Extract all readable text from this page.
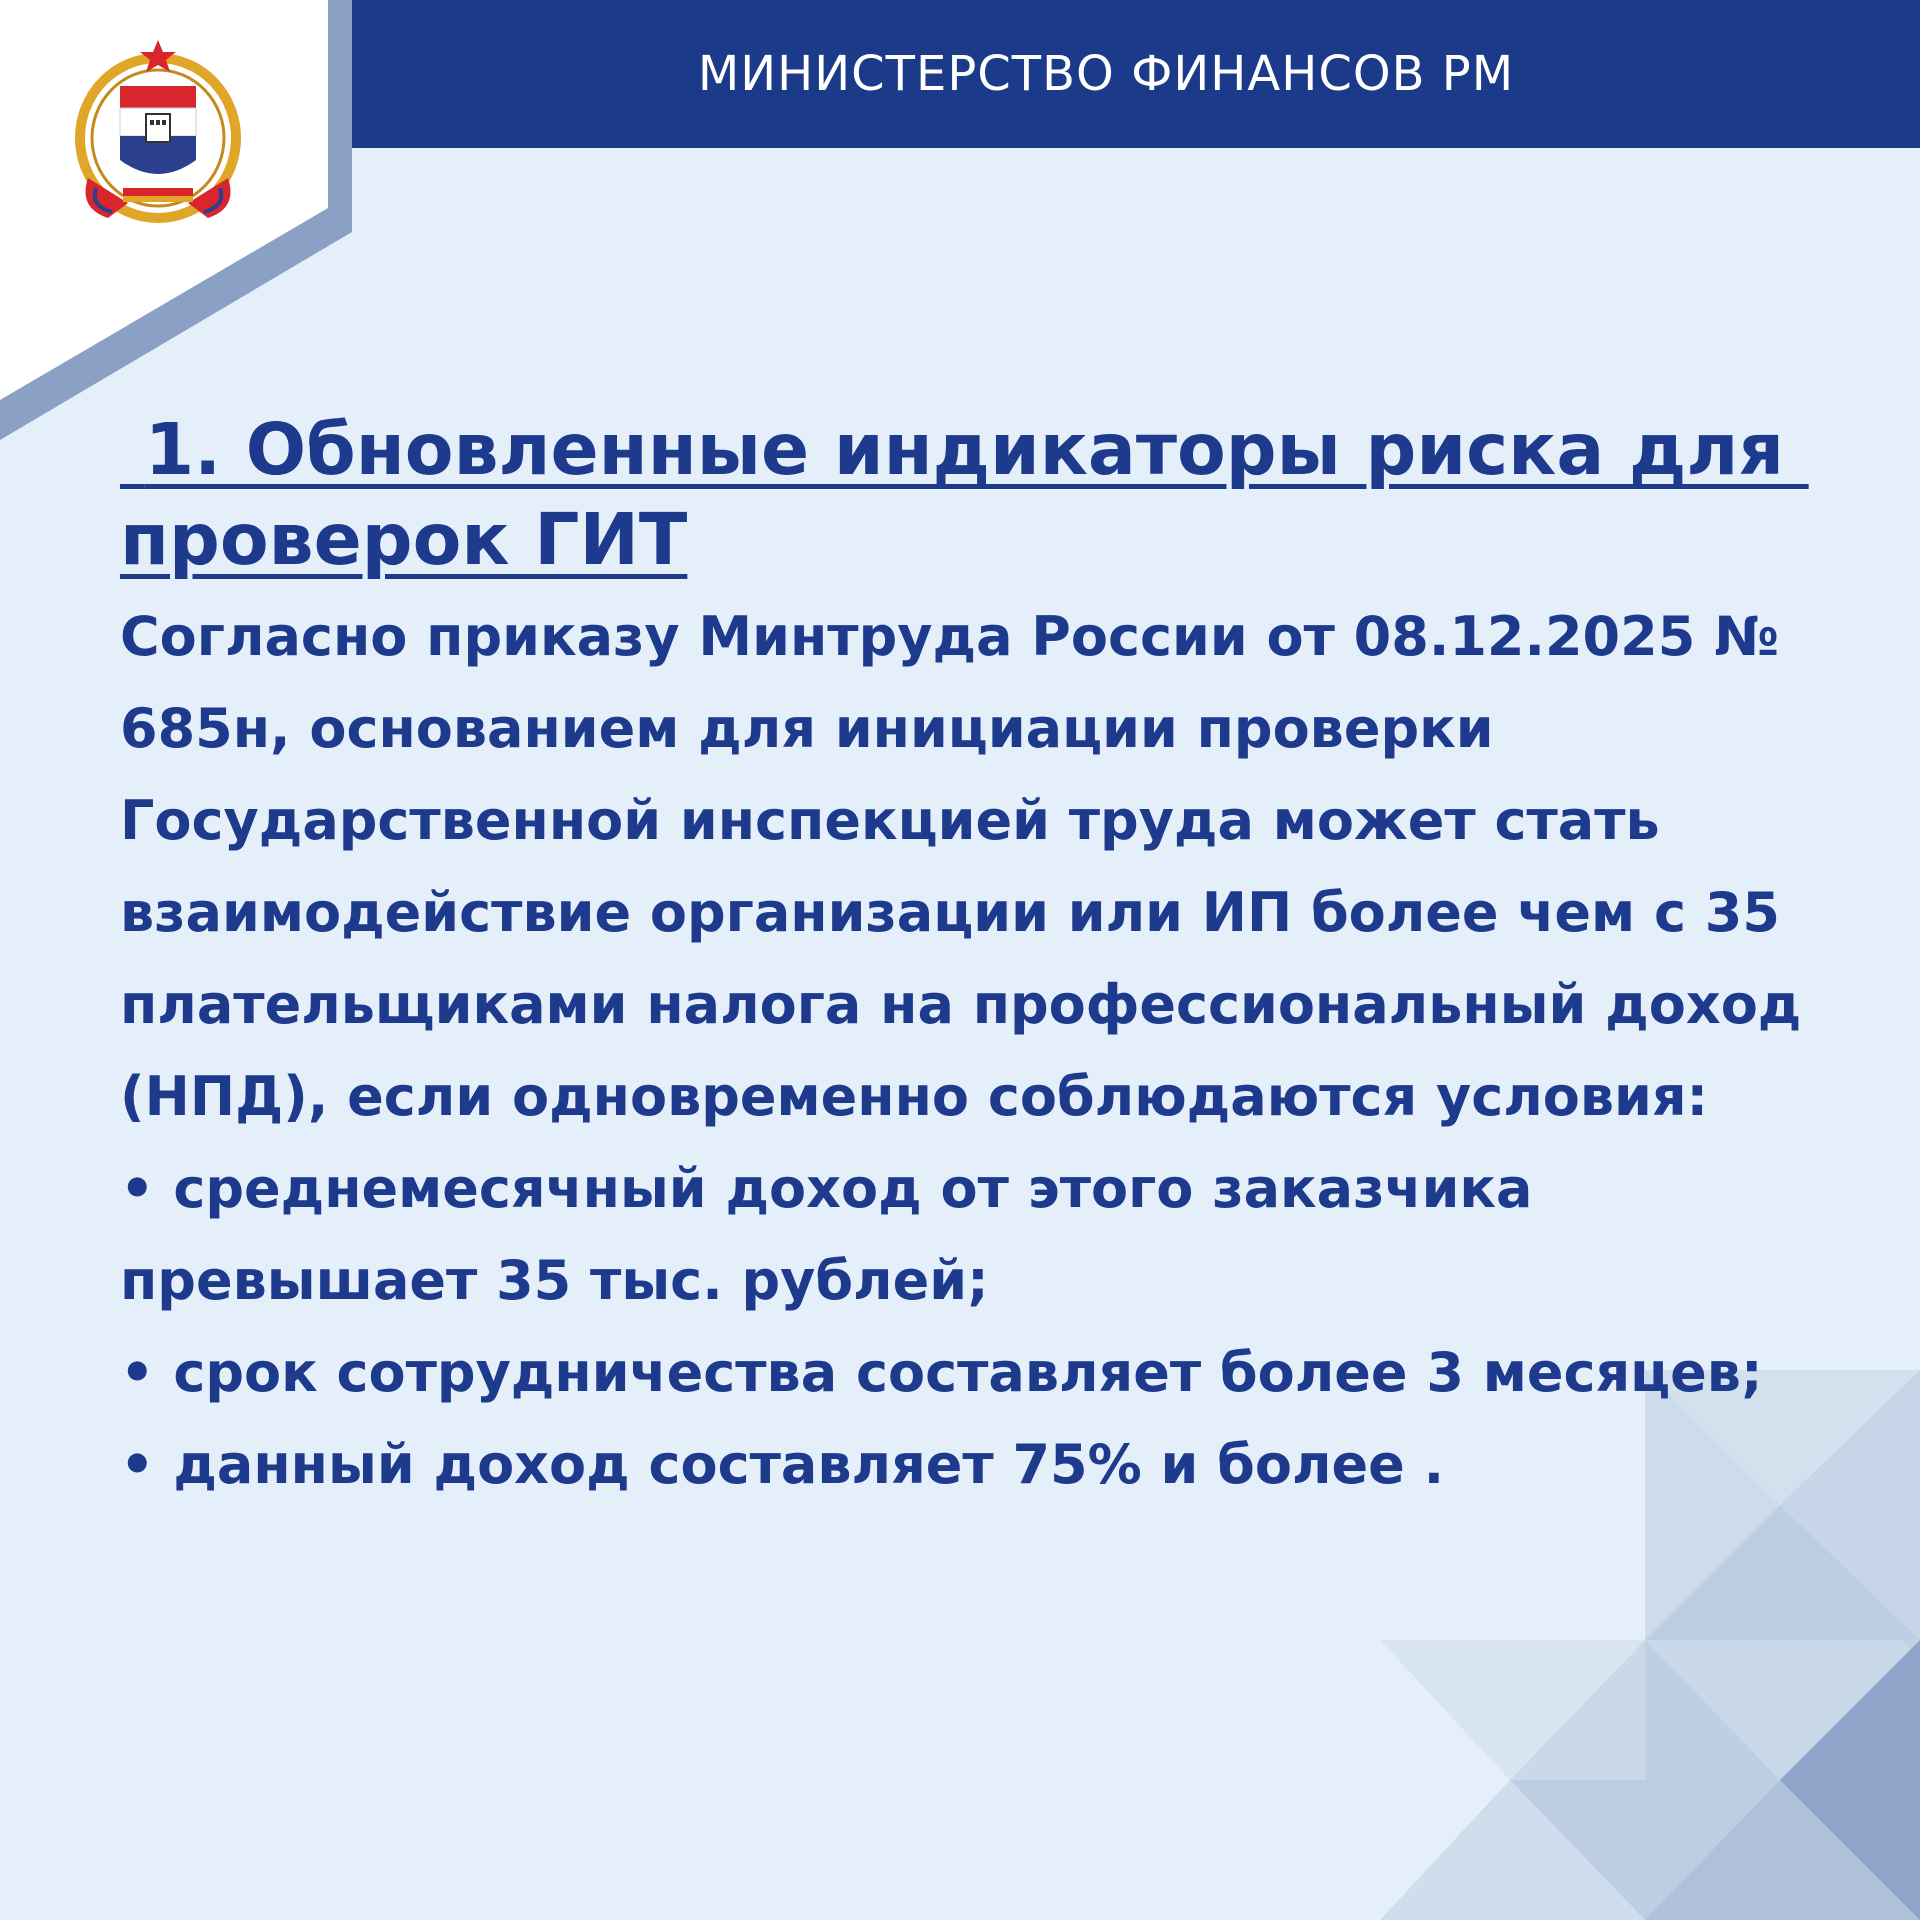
МИНИСТЕРСТВО ФИНАНСОВ РМ

1. Обновленные индикаторы риска для проверок ГИТ

Согласно приказу Минтруда России от 08.12.2025 № 685н, основанием для инициации проверки Государственной инспекцией труда может стать взаимодействие организации или ИП более чем с 35 плательщиками налога на профессиональный доход (НПД), если одновременно соблюдаются условия:

• среднемесячный доход от этого заказчика превышает 35 тыс. рублей;

• срок сотрудничества составляет более 3 месяцев;

• данный доход составляет 75% и более .
